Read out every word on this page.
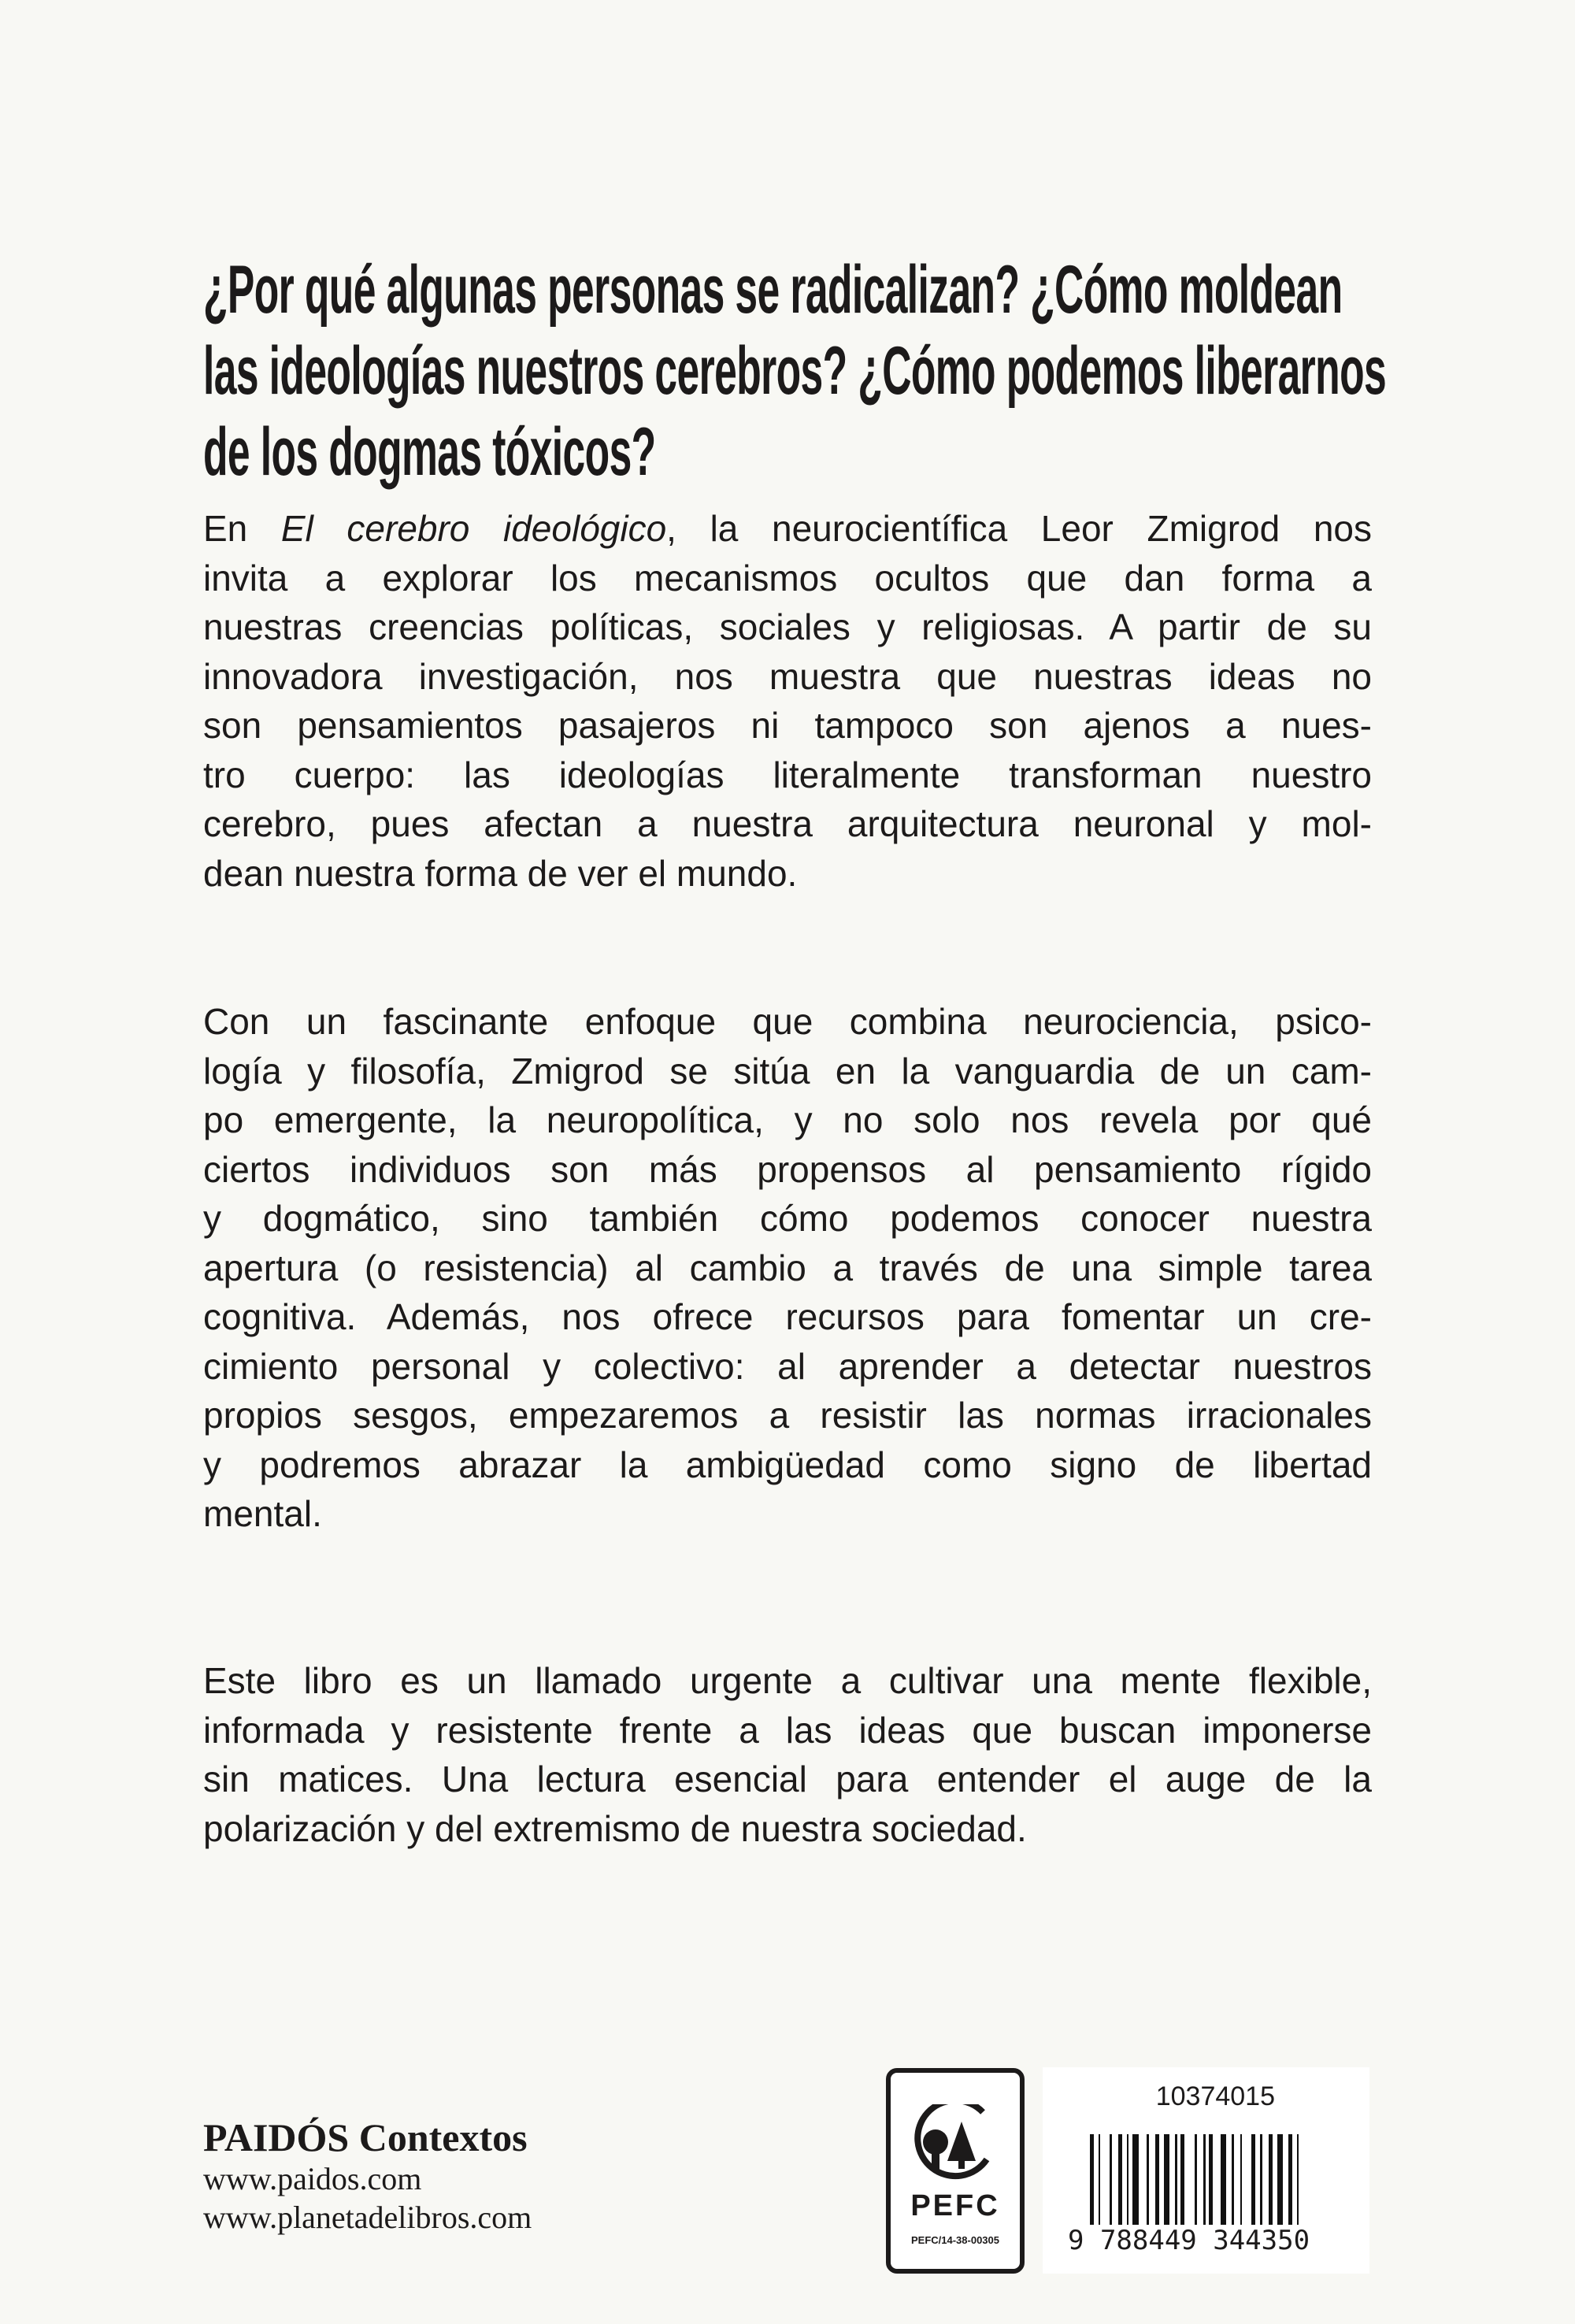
¿Por qué algunas personas se radicalizan? ¿Cómo moldean
las ideologías nuestros cerebros? ¿Cómo podemos liberarnos
de los dogmas tóxicos?
En El cerebro ideológico, la neurocientífica Leor Zmigrod nos
invita a explorar los mecanismos ocultos que dan forma a
nuestras creencias políticas, sociales y religiosas. A partir de su
innovadora investigación, nos muestra que nuestras ideas no
son pensamientos pasajeros ni tampoco son ajenos a nues-
tro cuerpo: las ideologías literalmente transforman nuestro
cerebro, pues afectan a nuestra arquitectura neuronal y mol-
dean nuestra forma de ver el mundo.
Con un fascinante enfoque que combina neurociencia, psico-
logía y filosofía, Zmigrod se sitúa en la vanguardia de un cam-
po emergente, la neuropolítica, y no solo nos revela por qué
ciertos individuos son más propensos al pensamiento rígido
y dogmático, sino también cómo podemos conocer nuestra
apertura (o resistencia) al cambio a través de una simple tarea
cognitiva. Además, nos ofrece recursos para fomentar un cre-
cimiento personal y colectivo: al aprender a detectar nuestros
propios sesgos, empezaremos a resistir las normas irracionales
y podremos abrazar la ambigüedad como signo de libertad
mental.
Este libro es un llamado urgente a cultivar una mente flexible,
informada y resistente frente a las ideas que buscan imponerse
sin matices. Una lectura esencial para entender el auge de la
polarización y del extremismo de nuestra sociedad.
PAIDÓS Contextos
www.paidos.com
www.planetadelibros.com	PEFC
PEFC/14-38-00305
10374015
9 788449 344350
